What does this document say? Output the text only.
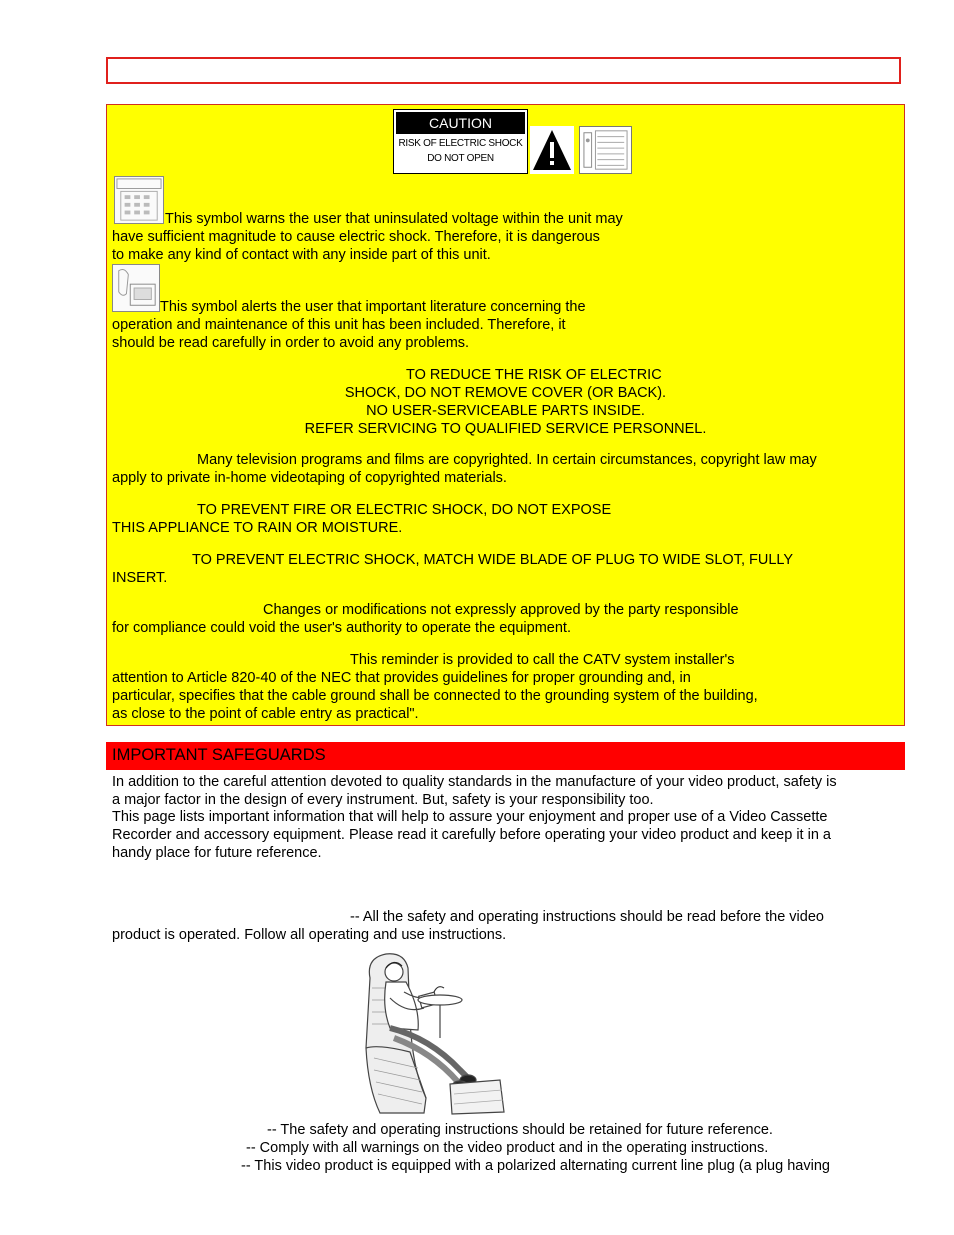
CAUTION
RISK OF ELECTRIC SHOCK
DO NOT OPEN
This symbol warns the user that uninsulated voltage within the unit may
have sufficient magnitude to cause electric shock. Therefore, it is dangerous
to make any kind of contact with any inside part of this unit.
This symbol alerts the user that important literature concerning the
operation and maintenance of this unit has been included. Therefore, it
should be read carefully in order to avoid any problems.
TO REDUCE THE RISK OF ELECTRIC
SHOCK, DO NOT REMOVE COVER (OR BACK).
NO USER-SERVICEABLE PARTS INSIDE.
REFER SERVICING TO QUALIFIED SERVICE PERSONNEL.
Many television programs and films are copyrighted. In certain circumstances, copyright law may
apply to private in-home videotaping of copyrighted materials.
TO PREVENT FIRE OR ELECTRIC SHOCK, DO NOT EXPOSE
THIS APPLIANCE TO RAIN OR MOISTURE.
TO PREVENT ELECTRIC SHOCK, MATCH WIDE BLADE OF PLUG TO WIDE SLOT, FULLY
INSERT.
Changes or modifications not expressly approved by the party responsible
for compliance could void the user's authority to operate the equipment.
This reminder is provided to call the CATV system installer's
attention to Article 820-40 of the NEC that provides guidelines for proper grounding and, in
particular, specifies that the cable ground shall be connected to the grounding system of the building,
as close to the point of cable entry as practical".
IMPORTANT SAFEGUARDS
In addition to the careful attention devoted to quality standards in the manufacture of your video product, safety is
a major factor in the design of every instrument. But, safety is your responsibility too.
This page lists important information that will help to assure your enjoyment and proper use of a Video Cassette
Recorder and accessory equipment. Please read it carefully before operating your video product and keep it in a
handy place for future reference.
-- All the safety and operating instructions should be read before the video
product is operated. Follow all operating and use instructions.
-- The safety and operating instructions should be retained for future reference.
-- Comply with all warnings on the video product and in the operating instructions.
-- This video product is equipped with a polarized alternating current line plug (a plug having
